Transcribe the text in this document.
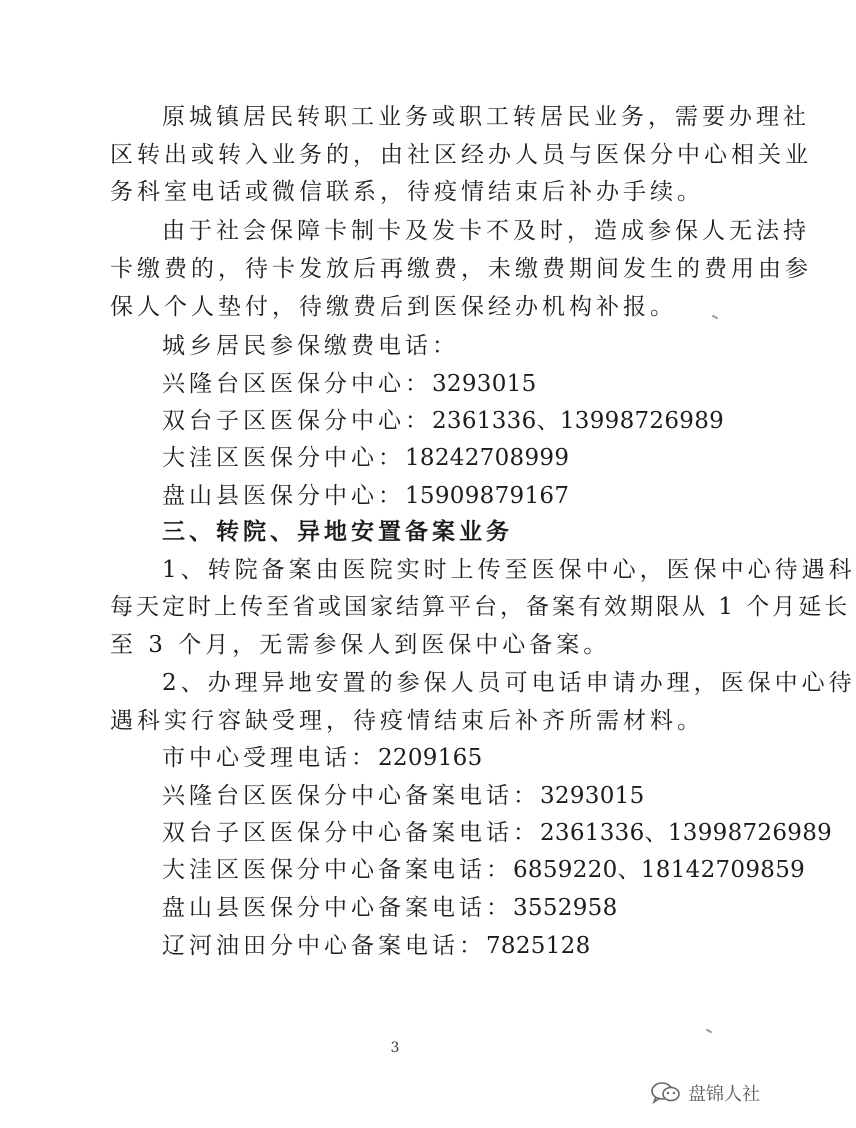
原城镇居民转职工业务或职工转居民业务，需要办理社
区转出或转入业务的，由社区经办人员与医保分中心相关业
务科室电话或微信联系，待疫情结束后补办手续。
由于社会保障卡制卡及发卡不及时，造成参保人无法持
卡缴费的，待卡发放后再缴费，未缴费期间发生的费用由参
保人个人垫付，待缴费后到医保经办机构补报。
城乡居民参保缴费电话：
兴隆台区医保分中心：3293015
双台子区医保分中心：2361336、13998726989
大洼区医保分中心：18242708999
盘山县医保分中心：15909879167
三、转院、异地安置备案业务
1、转院备案由医院实时上传至医保中心，医保中心待遇科
每天定时上传至省或国家结算平台，备案有效期限从 1 个月延长
至 3 个月，无需参保人到医保中心备案。
2、办理异地安置的参保人员可电话申请办理，医保中心待
遇科实行容缺受理，待疫情结束后补齐所需材料。
市中心受理电话：2209165
兴隆台区医保分中心备案电话：3293015
双台子区医保分中心备案电话：2361336、13998726989
大洼区医保分中心备案电话：6859220、18142709859
盘山县医保分中心备案电话：3552958
辽河油田分中心备案电话：7825128
3
盘锦人社
